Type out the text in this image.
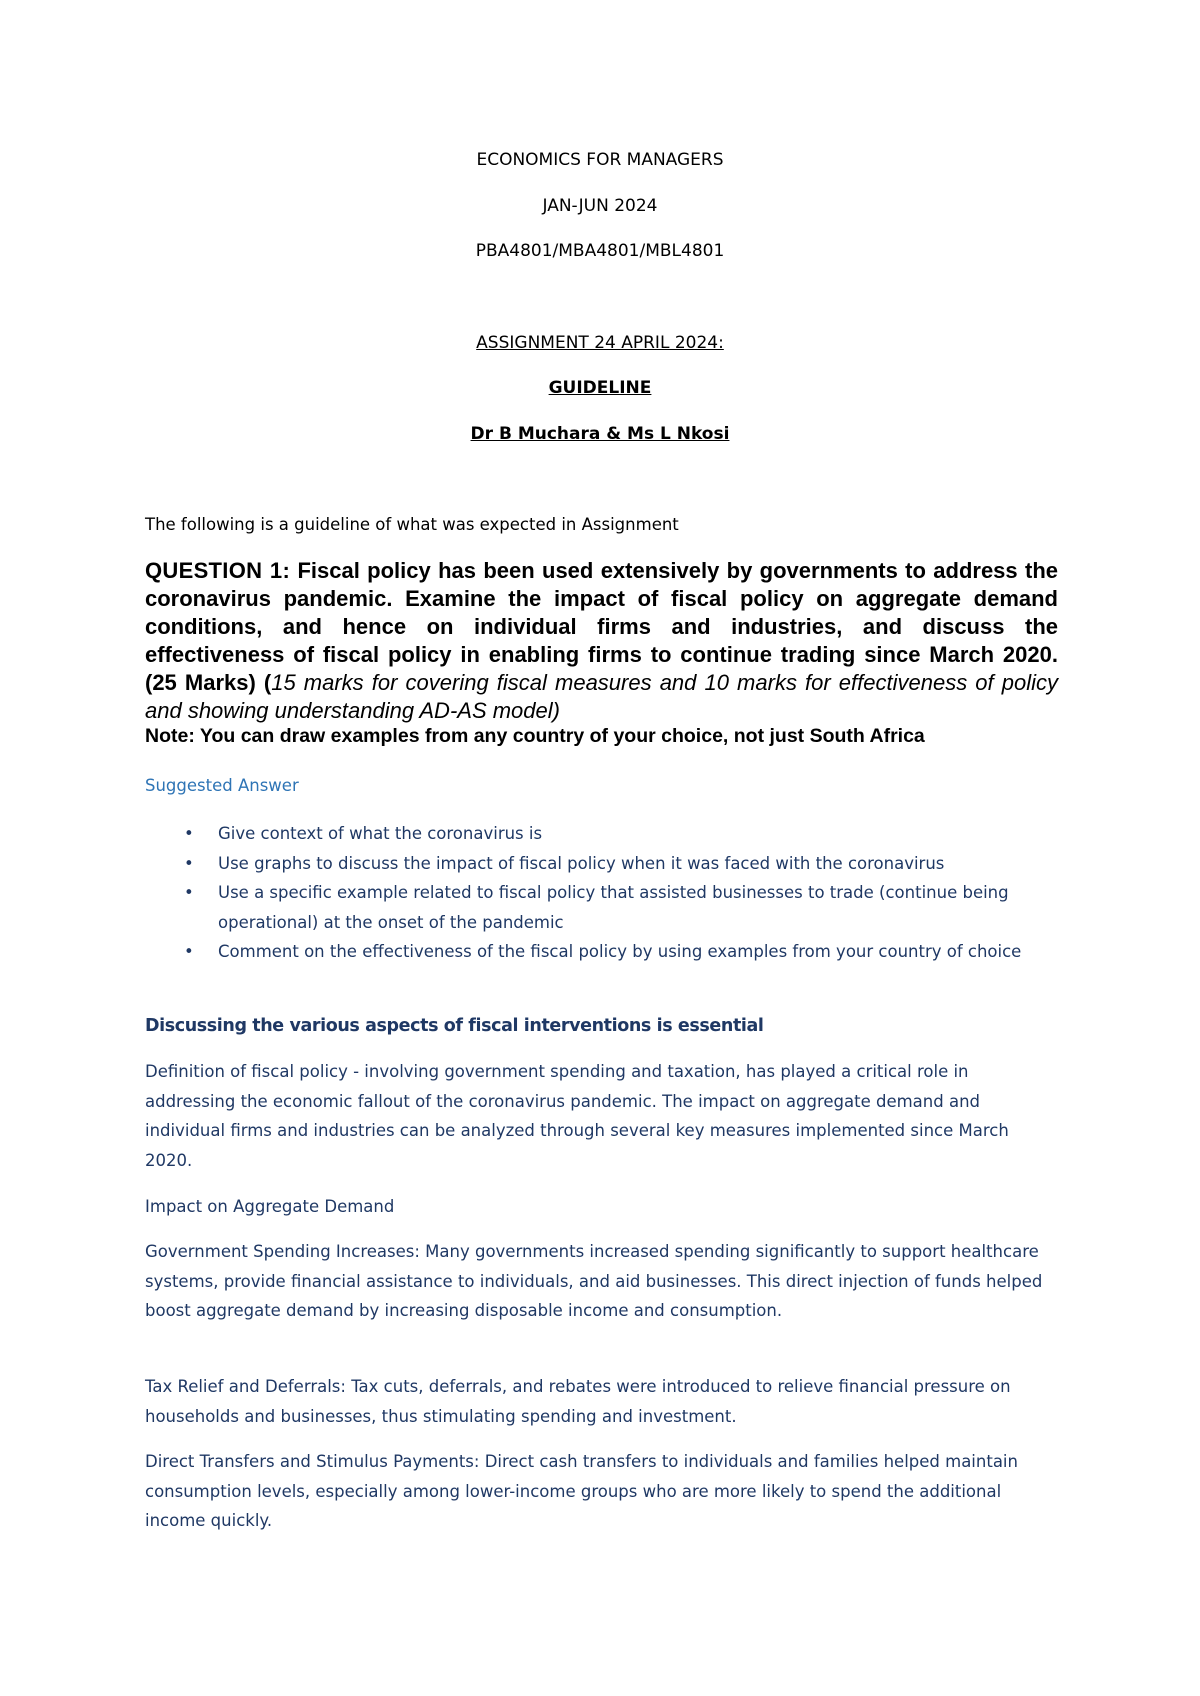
ECONOMICS FOR MANAGERS
JAN-JUN 2024
PBA4801/MBA4801/MBL4801
ASSIGNMENT 24 APRIL 2024:
GUIDELINE
Dr B Muchara & Ms L Nkosi
The following is a guideline of what was expected in Assignment
QUESTION 1: Fiscal policy has been used extensively by governments to address the coronavirus pandemic. Examine the impact of fiscal policy on aggregate demand conditions, and hence on individual firms and industries, and discuss the effectiveness of fiscal policy in enabling firms to continue trading since March 2020. (25 Marks) (15 marks for covering fiscal measures and 10 marks for effectiveness of policy and showing understanding AD-AS model)
Note: You can draw examples from any country of your choice, not just South Africa
Suggested Answer
• Give context of what the coronavirus is
• Use graphs to discuss the impact of fiscal policy when it was faced with the coronavirus
• Use a specific example related to fiscal policy that assisted businesses to trade (continue being operational) at the onset of the pandemic
• Comment on the effectiveness of the fiscal policy by using examples from your country of choice
Discussing the various aspects of fiscal interventions is essential
Definition of fiscal policy - involving government spending and taxation, has played a critical role in addressing the economic fallout of the coronavirus pandemic. The impact on aggregate demand and individual firms and industries can be analyzed through several key measures implemented since March 2020.
Impact on Aggregate Demand
Government Spending Increases: Many governments increased spending significantly to support healthcare systems, provide financial assistance to individuals, and aid businesses. This direct injection of funds helped boost aggregate demand by increasing disposable income and consumption.
Tax Relief and Deferrals: Tax cuts, deferrals, and rebates were introduced to relieve financial pressure on households and businesses, thus stimulating spending and investment.
Direct Transfers and Stimulus Payments: Direct cash transfers to individuals and families helped maintain consumption levels, especially among lower-income groups who are more likely to spend the additional income quickly.
